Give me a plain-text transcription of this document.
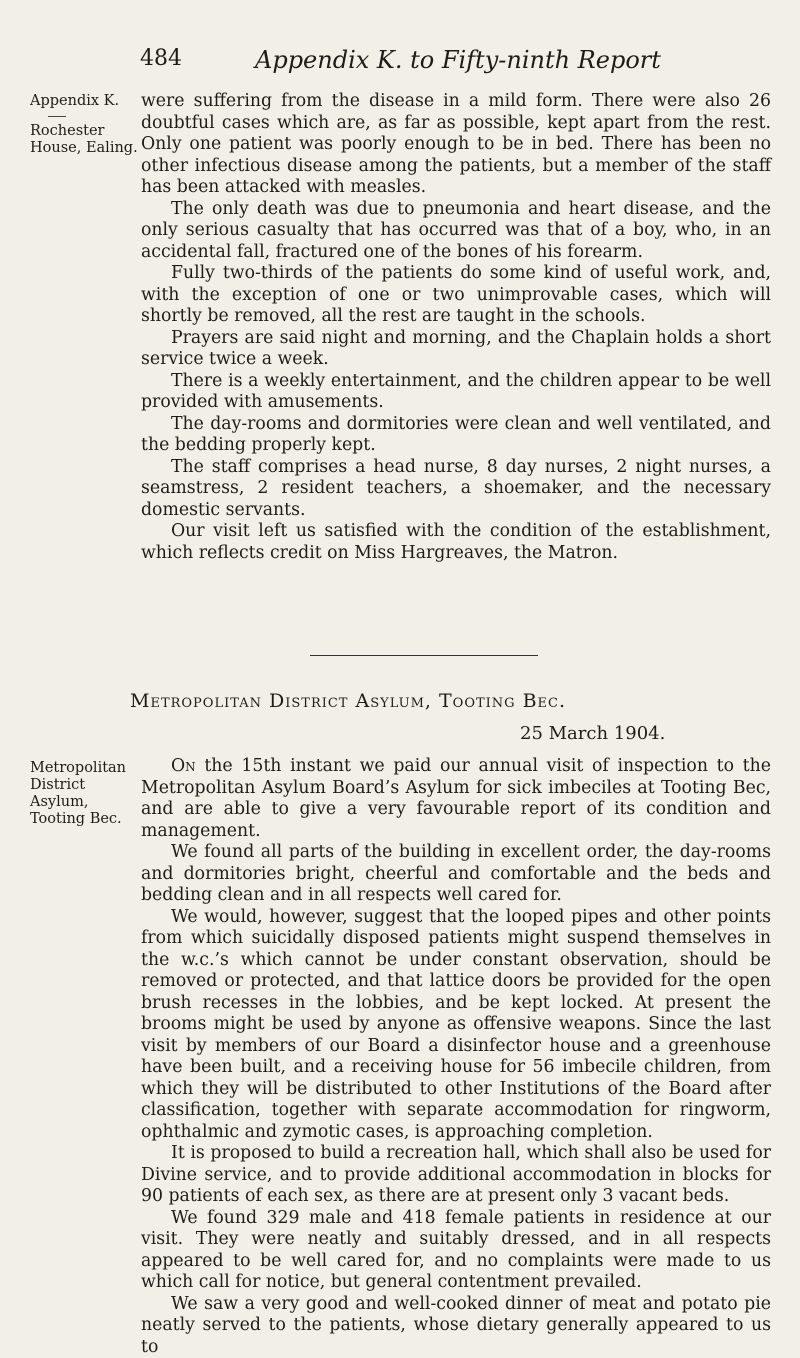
484	Appendix K. to Fifty-ninth Report
Appendix K.
Rochester
House, Ealing.

were suffering from the disease in a mild form. There were also 26 doubtful cases which are, as far as possible, kept apart from the rest. Only one patient was poorly enough to be in bed. There has been no other infectious disease among the patients, but a member of the staff has been attacked with measles.

The only death was due to pneumonia and heart disease, and the only serious casualty that has occurred was that of a boy, who, in an accidental fall, fractured one of the bones of his forearm.

Fully two-thirds of the patients do some kind of useful work, and, with the exception of one or two unimprovable cases, which will shortly be removed, all the rest are taught in the schools.

Prayers are said night and morning, and the Chaplain holds a short service twice a week.

There is a weekly entertainment, and the children appear to be well provided with amusements.

The day-rooms and dormitories were clean and well ventilated, and the bedding properly kept.

The staff comprises a head nurse, 8 day nurses, 2 night nurses, a seamstress, 2 resident teachers, a shoemaker, and the necessary domestic servants.

Our visit left us satisfied with the condition of the establishment, which reflects credit on Miss Hargreaves, the Matron.

Metropolitan District Asylum, Tooting Bec.
25 March 1904.
Metropolitan
District
Asylum,
Tooting Bec.

On the 15th instant we paid our annual visit of inspection to the Metropolitan Asylum Board’s Asylum for sick imbeciles at Tooting Bec, and are able to give a very favourable report of its condition and management.

We found all parts of the building in excellent order, the day-rooms and dormitories bright, cheerful and comfortable and the beds and bedding clean and in all respects well cared for.

We would, however, suggest that the looped pipes and other points from which suicidally disposed patients might suspend themselves in the w.c.’s which cannot be under constant observation, should be removed or protected, and that lattice doors be provided for the open brush recesses in the lobbies, and be kept locked. At present the brooms might be used by anyone as offensive weapons. Since the last visit by members of our Board a disinfector house and a greenhouse have been built, and a receiving house for 56 imbecile children, from which they will be distributed to other Institutions of the Board after classification, together with separate accommodation for ringworm, ophthalmic and zymotic cases, is approaching completion.

It is proposed to build a recreation hall, which shall also be used for Divine service, and to provide additional accommodation in blocks for 90 patients of each sex, as there are at present only 3 vacant beds.

We found 329 male and 418 female patients in residence at our visit. They were neatly and suitably dressed, and in all respects appeared to be well cared for, and no complaints were made to us which call for notice, but general contentment prevailed.

We saw a very good and well-cooked dinner of meat and potato pie neatly served to the patients, whose dietary generally appeared to us to
